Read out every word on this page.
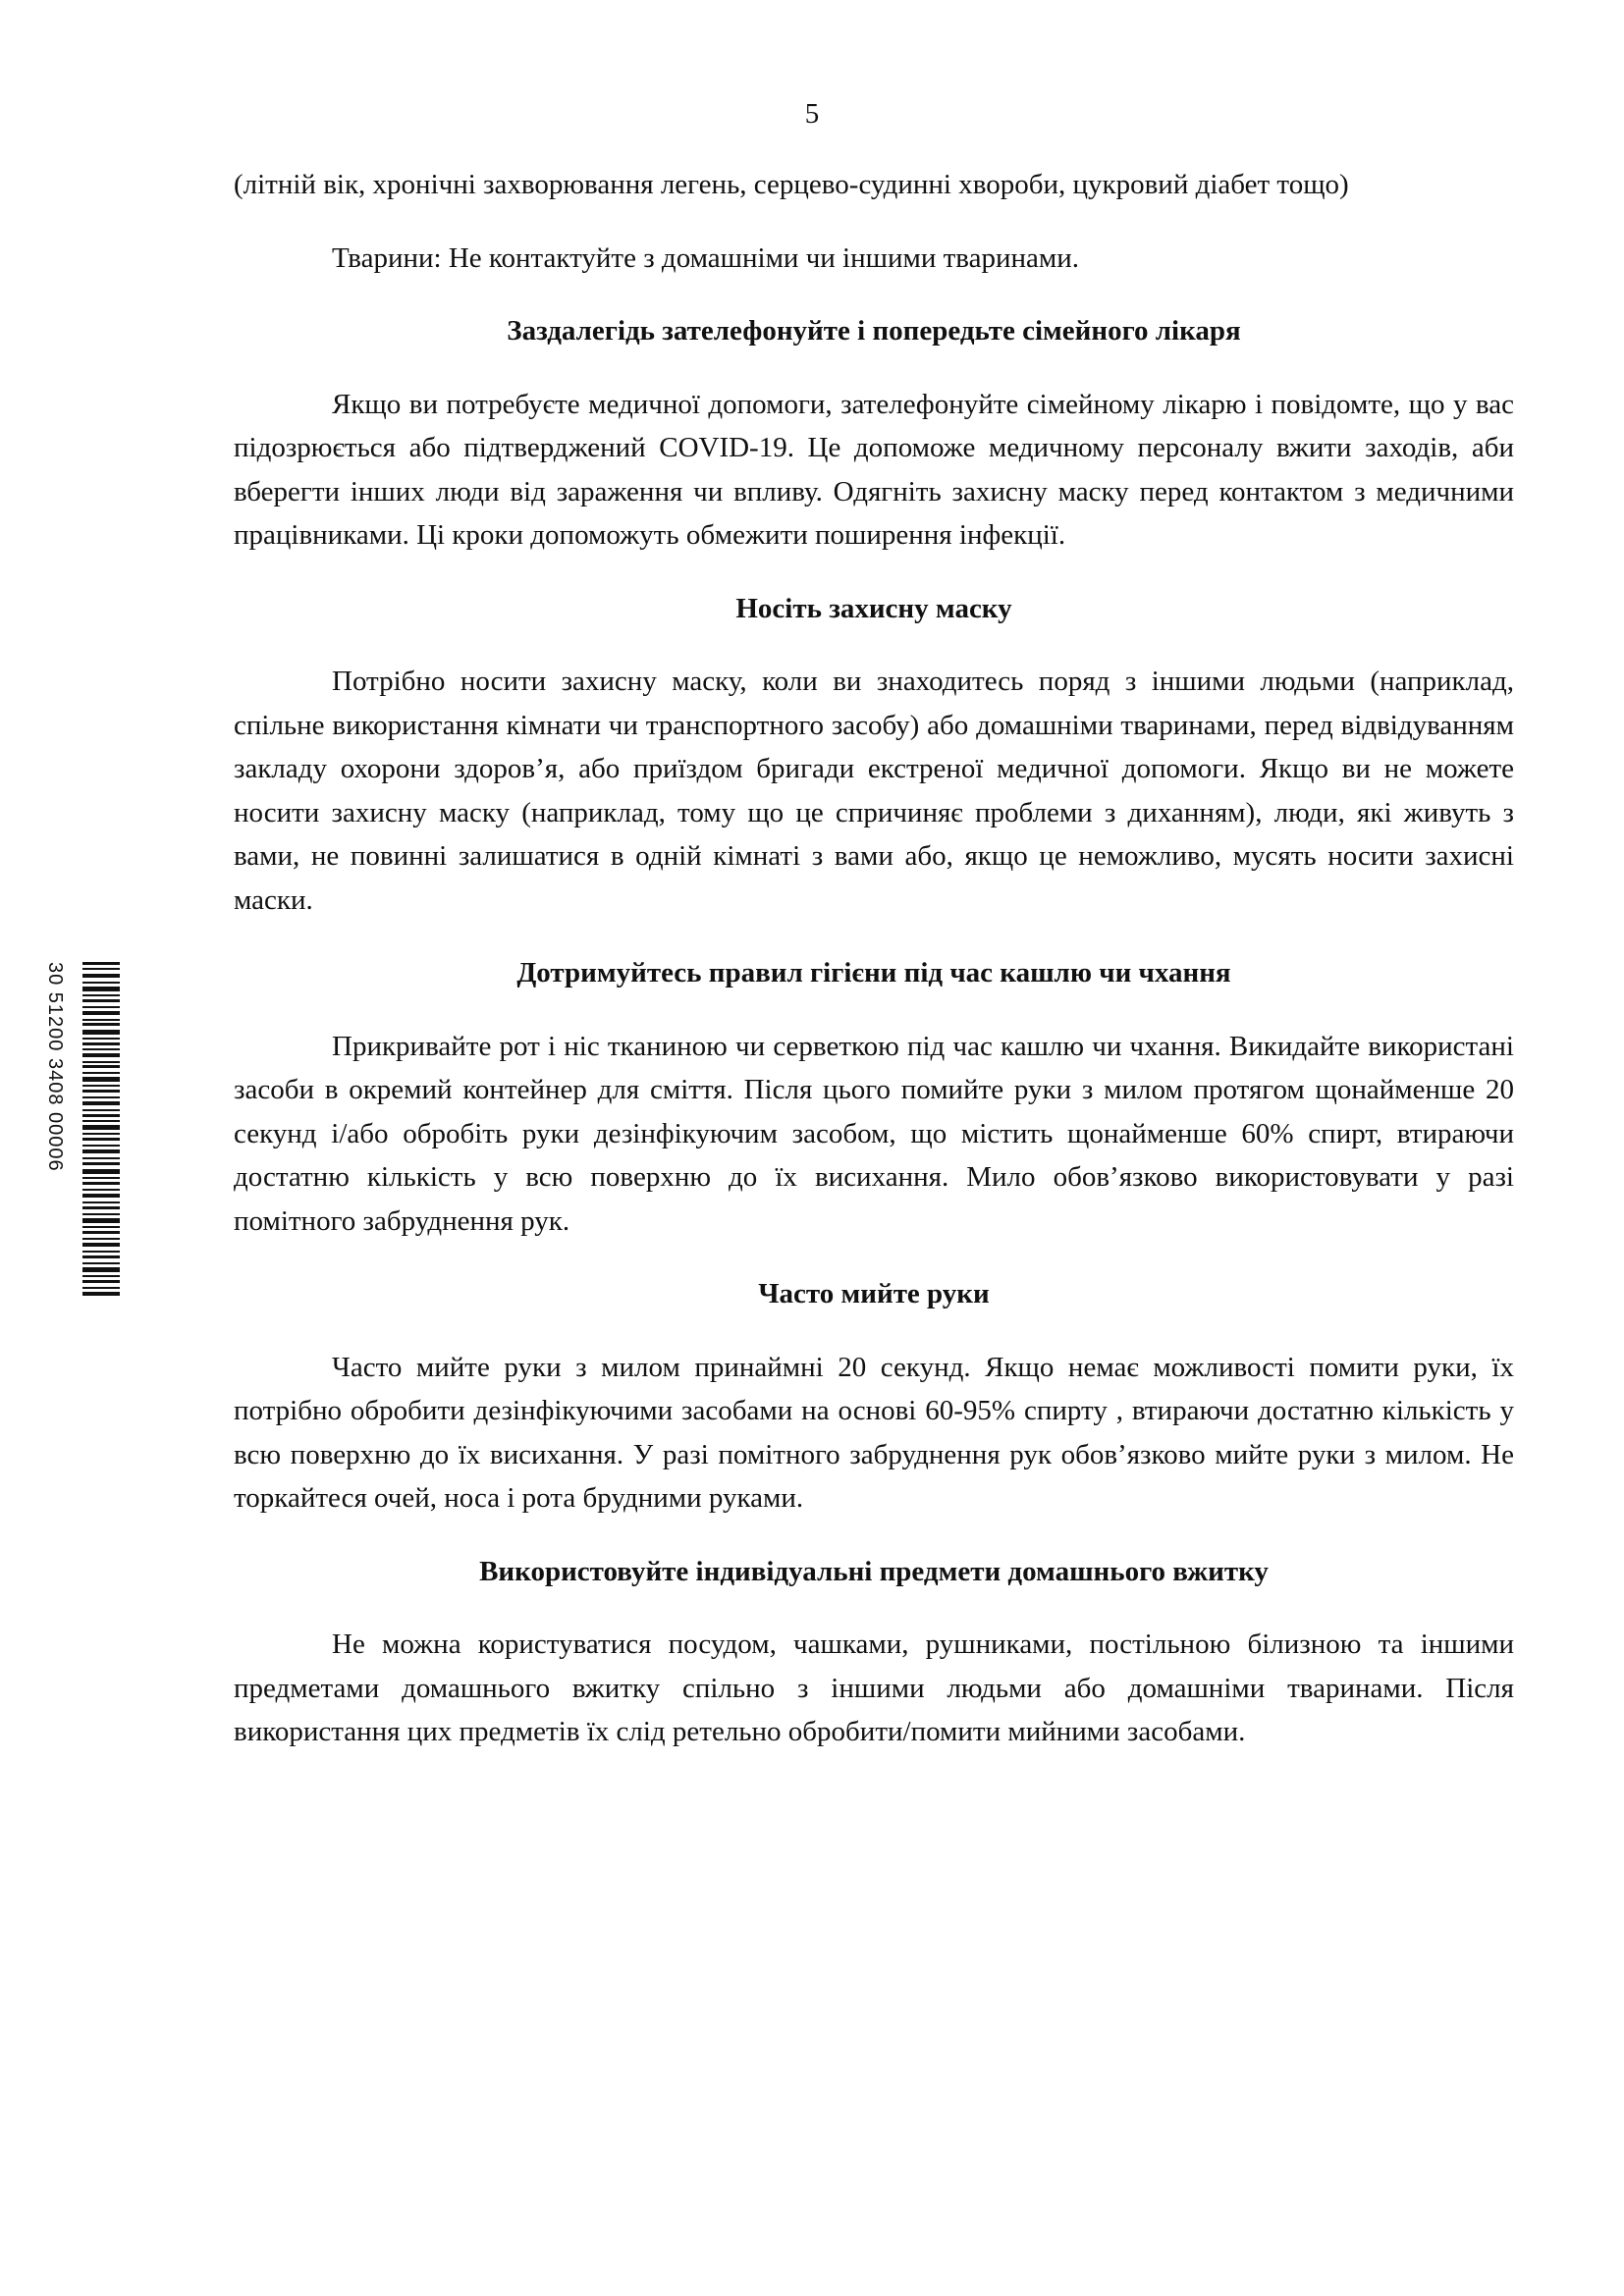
5
30 51200 3408 00006

(літній вік, хронічні захворювання легень, серцево-судинні хвороби, цукровий діабет тощо)

Тварини: Не контактуйте з домашніми чи іншими тваринами.

Заздалегідь зателефонуйте і попередьте сімейного лікаря

Якщо ви потребуєте медичної допомоги, зателефонуйте сімейному лікарю і повідомте, що у вас підозрюється або підтверджений COVID-19. Це допоможе медичному персоналу вжити заходів, аби вберегти інших люди від зараження чи впливу. Одягніть захисну маску перед контактом з медичними працівниками. Ці кроки допоможуть обмежити поширення інфекції.

Носіть захисну маску

Потрібно носити захисну маску, коли ви знаходитесь поряд з іншими людьми (наприклад, спільне використання кімнати чи транспортного засобу) або домашніми тваринами, перед відвідуванням закладу охорони здоров’я, або приїздом бригади екстреної медичної допомоги. Якщо ви не можете носити захисну маску (наприклад, тому що це спричиняє проблеми з диханням), люди, які живуть з вами, не повинні залишатися в одній кімнаті з вами або, якщо це неможливо, мусять носити захисні маски.

Дотримуйтесь правил гігієни під час кашлю чи чхання

Прикривайте рот і ніс тканиною чи серветкою під час кашлю чи чхання. Викидайте використані засоби в окремий контейнер для сміття. Після цього помийте руки з милом протягом щонайменше 20 секунд і/або обробіть руки дезінфікуючим засобом, що містить щонайменше 60% спирт, втираючи достатню кількість у всю поверхню до їх висихання. Мило обов’язково використовувати у разі помітного забруднення рук.

Часто мийте руки

Часто мийте руки з милом принаймні 20 секунд. Якщо немає можливості помити руки, їх потрібно обробити дезінфікуючими засобами на основі 60-95% спирту , втираючи достатню кількість у всю поверхню до їх висихання. У разі помітного забруднення рук обов’язково мийте руки з милом. Не торкайтеся очей, носа і рота брудними руками.

Використовуйте індивідуальні предмети домашнього вжитку

Не можна користуватися посудом, чашками, рушниками, постільною білизною та іншими предметами домашнього вжитку спільно з іншими людьми або домашніми тваринами. Після використання цих предметів їх слід ретельно обробити/помити мийними засобами.
